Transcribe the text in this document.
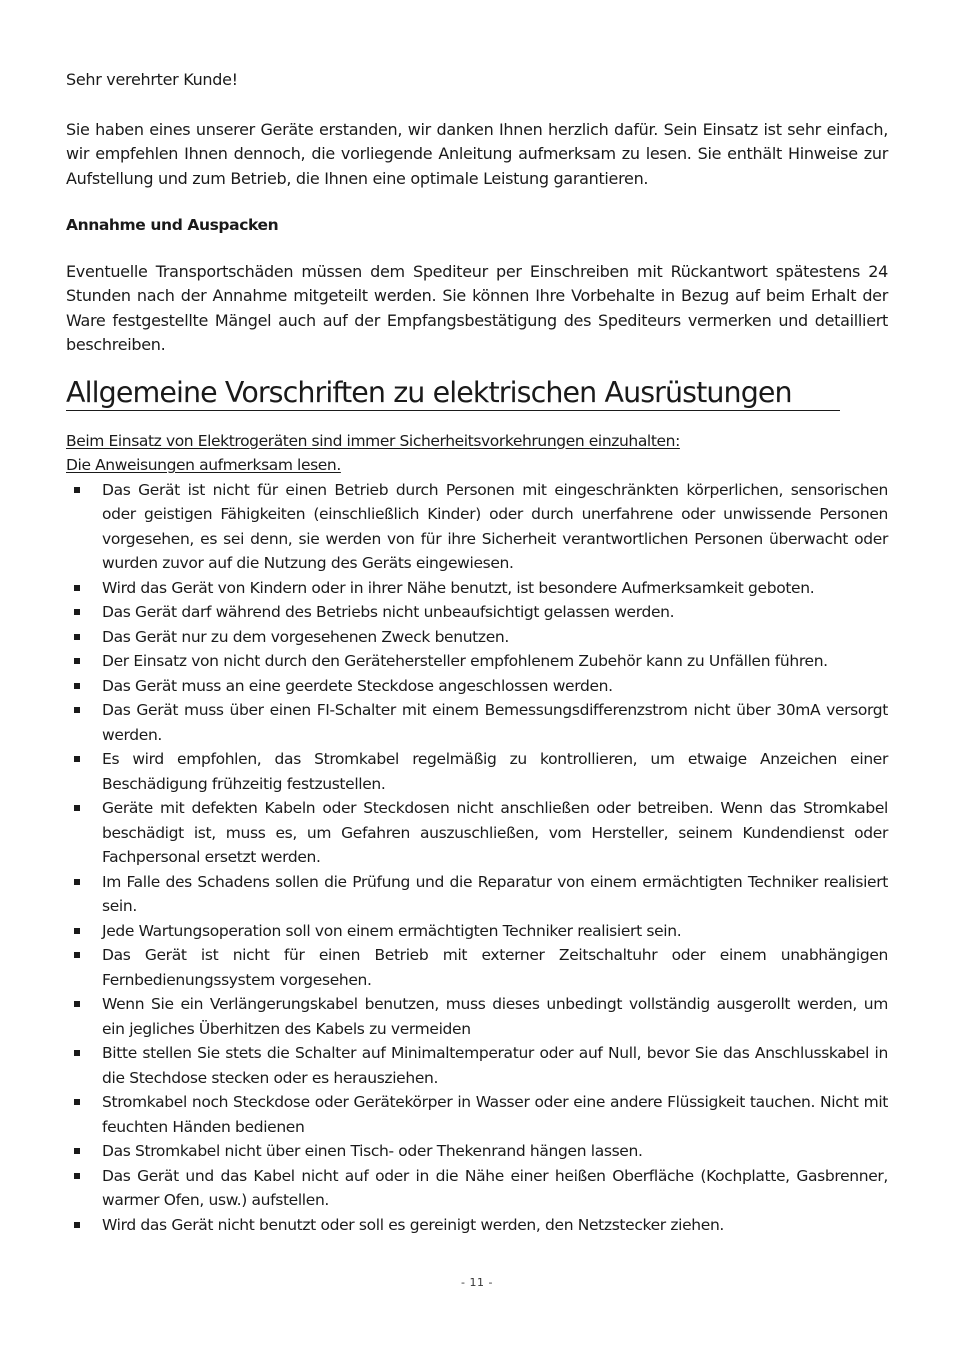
Sehr verehrter Kunde!

Sie haben eines unserer Geräte erstanden, wir danken Ihnen herzlich dafür. Sein Einsatz ist sehr einfach, wir empfehlen Ihnen dennoch, die vorliegende Anleitung aufmerksam zu lesen. Sie enthält Hinweise zur Aufstellung und zum Betrieb, die Ihnen eine optimale Leistung garantieren.

Annahme und Auspacken

Eventuelle Transportschäden müssen dem Spediteur per Einschreiben mit Rückantwort spätestens 24 Stunden nach der Annahme mitgeteilt werden. Sie können Ihre Vorbehalte in Bezug auf beim Erhalt der Ware festgestellte Mängel auch auf der Empfangsbestätigung des Spediteurs vermerken und detailliert beschreiben.

Allgemeine Vorschriften zu elektrischen Ausrüstungen

Beim Einsatz von Elektrogeräten sind immer Sicherheitsvorkehrungen einzuhalten:

Die Anweisungen aufmerksam lesen.

Das Gerät ist nicht für einen Betrieb durch Personen mit eingeschränkten körperlichen, sensorischen oder geistigen Fähigkeiten (einschließlich Kinder) oder durch unerfahrene oder unwissende Personen vorgesehen, es sei denn, sie werden von für ihre Sicherheit verantwortlichen Personen überwacht oder wurden zuvor auf die Nutzung des Geräts eingewiesen.
Wird das Gerät von Kindern oder in ihrer Nähe benutzt, ist besondere Aufmerksamkeit geboten.
Das Gerät darf während des Betriebs nicht unbeaufsichtigt gelassen werden.
Das Gerät nur zu dem vorgesehenen Zweck benutzen.
Der Einsatz von nicht durch den Gerätehersteller empfohlenem Zubehör kann zu Unfällen führen.
Das Gerät muss an eine geerdete Steckdose angeschlossen werden.
Das Gerät muss über einen FI-Schalter mit einem Bemessungsdifferenzstrom nicht über 30mA versorgt werden.
Es wird empfohlen, das Stromkabel regelmäßig zu kontrollieren, um etwaige Anzeichen einer Beschädigung frühzeitig festzustellen.
Geräte mit defekten Kabeln oder Steckdosen nicht anschließen oder betreiben. Wenn das Stromkabel beschädigt ist, muss es, um Gefahren auszuschließen, vom Hersteller, seinem Kundendienst oder Fachpersonal ersetzt werden.
Im Falle des Schadens sollen die Prüfung und die Reparatur von einem ermächtigten Techniker realisiert sein.
Jede Wartungsoperation soll von einem ermächtigten Techniker realisiert sein.
Das Gerät ist nicht für einen Betrieb mit externer Zeitschaltuhr oder einem unabhängigen Fernbedienungssystem vorgesehen.
Wenn Sie ein Verlängerungskabel benutzen, muss dieses unbedingt vollständig ausgerollt werden, um ein jegliches Überhitzen des Kabels zu vermeiden
Bitte stellen Sie stets die Schalter auf Minimaltemperatur oder auf Null, bevor Sie das Anschlusskabel in die Stechdose stecken oder es herausziehen.
Stromkabel noch Steckdose oder Gerätekörper in Wasser oder eine andere Flüssigkeit tauchen. Nicht mit feuchten Händen bedienen
Das Stromkabel nicht über einen Tisch- oder Thekenrand hängen lassen.
Das Gerät und das Kabel nicht auf oder in die Nähe einer heißen Oberfläche (Kochplatte, Gasbrenner, warmer Ofen, usw.) aufstellen.
Wird das Gerät nicht benutzt oder soll es gereinigt werden, den Netzstecker ziehen.
- 11 -
